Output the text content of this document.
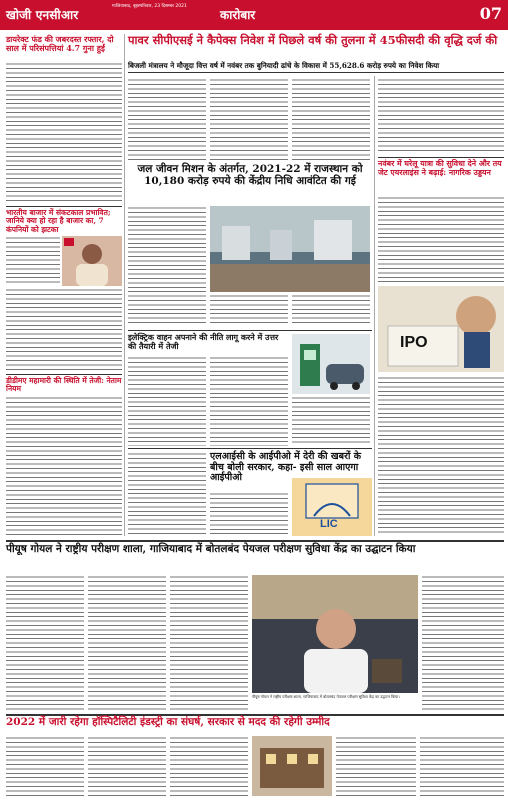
खोजी एनसीआर
गाजियाबाद, बृहस्पतिवार, 23 दिसम्बर 2021
कारोबार	07
पावर सीपीएसई ने कैपेक्स निवेश में पिछले वर्ष की तुलना में 45फीसदी की वृद्धि दर्ज की
बिजली मंत्रालय ने मौजूदा वित्त वर्ष में नवंबर तक बुनियादी ढांचे के विकास में 55,628.6 करोड़ रुपये का निवेश किया
डायरेक्ट फंड की जबरदस्त रफ्तार, दो साल में परिसंपत्तियां 4.7 गुना हुईं
भारतीय बाजार में संकटकाल प्रभावित; जानिये क्या हो रहा है बाजार का, 7 कंपनियों को झटका
डीडीमए महामारी की स्थिति में तेजी: नेताम नियम
जल जीवन मिशन के अंतर्गत, 2021-22 में राजस्थान को 10,180 करोड़ रुपये की केंद्रीय निधि आवंटित की गई
इलेक्ट्रिक वाहन अपनाने की नीति लागू करने में उत्तर की तैयारी में तेजी
नवंबर में घरेलू यात्रा की सुविधा देने और तय जेट एयरलाइंस ने बढ़ाई: नागरिक उड्डयन
IPO
एलआईसी के आईपीओ में देरी की खबरों के बीच बोली सरकार, कहा- इसी साल आएगा आईपीओ
LIC
पीयूष गोयल ने राष्ट्रीय परीक्षण शाला, गाजियाबाद में बोतलबंद पेयजल परीक्षण सुविधा केंद्र का उद्घाटन किया
पीयूष गोयल ने राष्ट्रीय परीक्षण शाला, गाजियाबाद में बोतलबंद पेयजल परीक्षण सुविधा केंद्र का उद्घाटन किया।
2022 में जारी रहेगा हॉस्पिटैलिटी इंडस्ट्री का संघर्ष, सरकार से मदद की रहेगी उम्मीद
